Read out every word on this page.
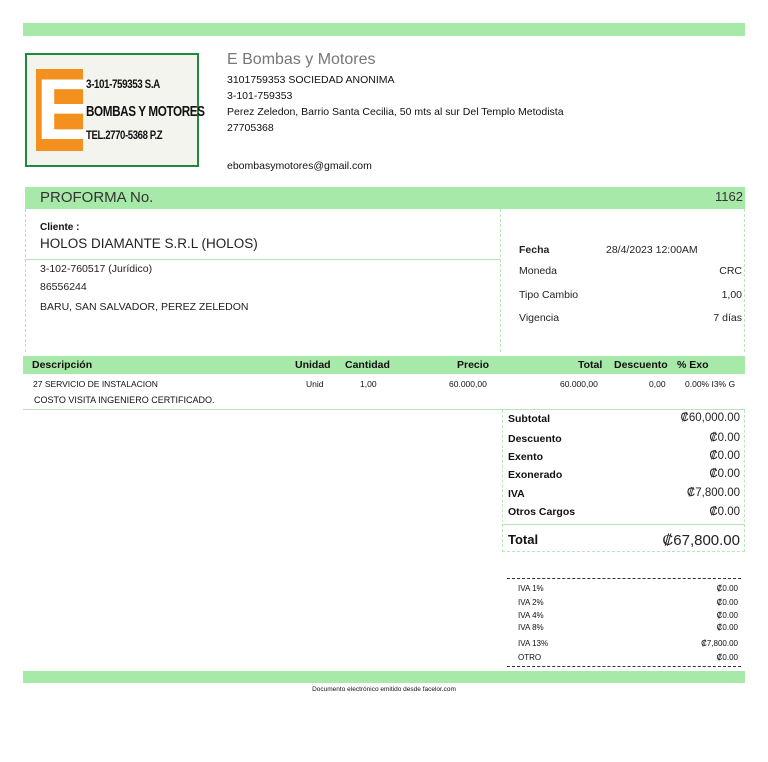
E
3-101-759353 S.A
BOMBAS Y MOTORES
TEL.2770-5368 P.Z
E Bombas y Motores
3101759353 SOCIEDAD ANONIMA
3-101-759353
Perez Zeledon, Barrio Santa Cecilia, 50 mts al sur Del Templo Metodista
27705368
ebombasymotores@gmail.com
PROFORMA No.	1162
Cliente :
HOLOS DIAMANTE S.R.L (HOLOS)
3-102-760517 (Jurídico)
86556244
BARU, SAN SALVADOR, PEREZ ZELEDON
Fecha	28/4/2023 12:00AM
Moneda	CRC
Tipo Cambio	1,00
Vigencia	7 días
Descripción	Unidad Cantidad	Precio	Total Descuento % Exo
27 SERVICIO DE INSTALACION	Unid	1,00	60.000,00	60.000,00	0,00 0.00% I3% G
COSTO VISITA INGENIERO CERTIFICADO.
Subtotal	₡60,000.00
Descuento	₡0.00
Exento	₡0.00
Exonerado	₡0.00
IVA	₡7,800.00
Otros Cargos	₡0.00
Total	₡67,800.00
IVA 1%	₡0.00
IVA 2%	₡0.00
IVA 4%	₡0.00
IVA 8%	₡0.00
IVA 13%	₡7,800.00
OTRO	₡0.00
Documento electrónico emitido desde facelor.com
